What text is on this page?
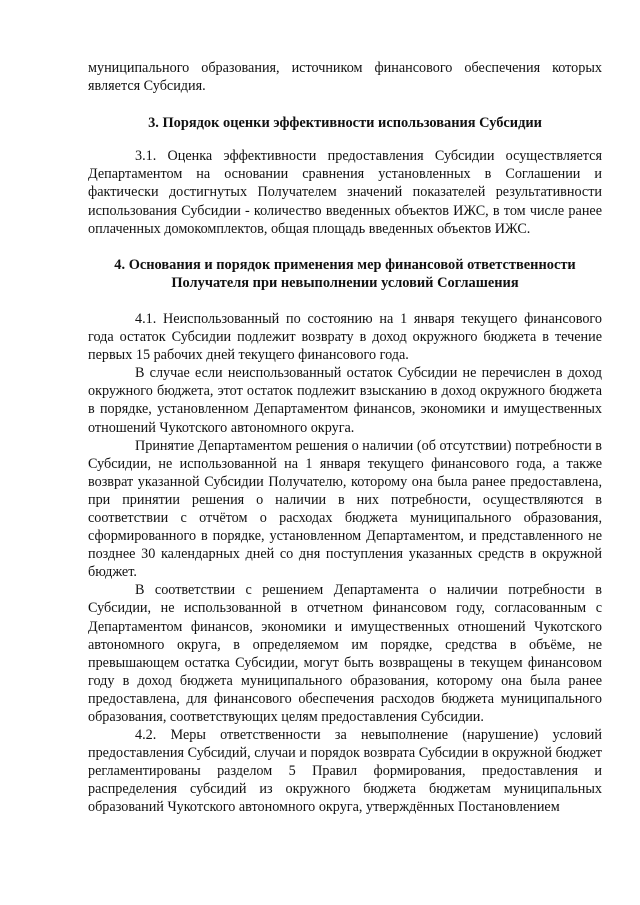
муниципального образования, источником финансового обеспечения которых является Субсидия.

3. Порядок оценки эффективности использования Субсидии

3.1. Оценка эффективности предоставления Субсидии осуществляется Департаментом на основании сравнения установленных в Соглашении и фактически достигнутых Получателем значений показателей результативности использования Субсидии - количество введенных объектов ИЖС, в том числе ранее оплаченных домокомплектов, общая площадь введенных объектов ИЖС.

4. Основания и порядок применения мер финансовой ответственности
Получателя при невыполнении условий Соглашения

4.1. Неиспользованный по состоянию на 1 января текущего финансового года остаток Субсидии подлежит возврату в доход окружного бюджета в течение первых 15 рабочих дней текущего финансового года.

В случае если неиспользованный остаток Субсидии не перечислен в доход окружного бюджета, этот остаток подлежит взысканию в доход окружного бюджета в порядке, установленном Департаментом финансов, экономики и имущественных отношений Чукотского автономного округа.

Принятие Департаментом решения о наличии (об отсутствии) потребности в Субсидии, не использованной на 1 января текущего финансового года, а также возврат указанной Субсидии Получателю, которому она была ранее предоставлена, при принятии решения о наличии в них потребности, осуществляются в соответствии с отчётом о расходах бюджета муниципального образования, сформированного в порядке, установленном Департаментом, и представленного не позднее 30 календарных дней со дня поступления указанных средств в окружной бюджет.

В соответствии с решением Департамента о наличии потребности в Субсидии, не использованной в отчетном финансовом году, согласованным с Департаментом финансов, экономики и имущественных отношений Чукотского автономного округа, в определяемом им порядке, средства в объёме, не превышающем остатка Субсидии, могут быть возвращены в текущем финансовом году в доход бюджета муниципального образования, которому она была ранее предоставлена, для финансового обеспечения расходов бюджета муниципального образования, соответствующих целям предоставления Субсидии.

4.2. Меры ответственности за невыполнение (нарушение) условий предоставления Субсидий, случаи и порядок возврата Субсидии в окружной бюджет регламентированы разделом 5 Правил формирования, предоставления и распределения субсидий из окружного бюджета бюджетам муниципальных образований Чукотского автономного округа, утверждённых Постановлением
